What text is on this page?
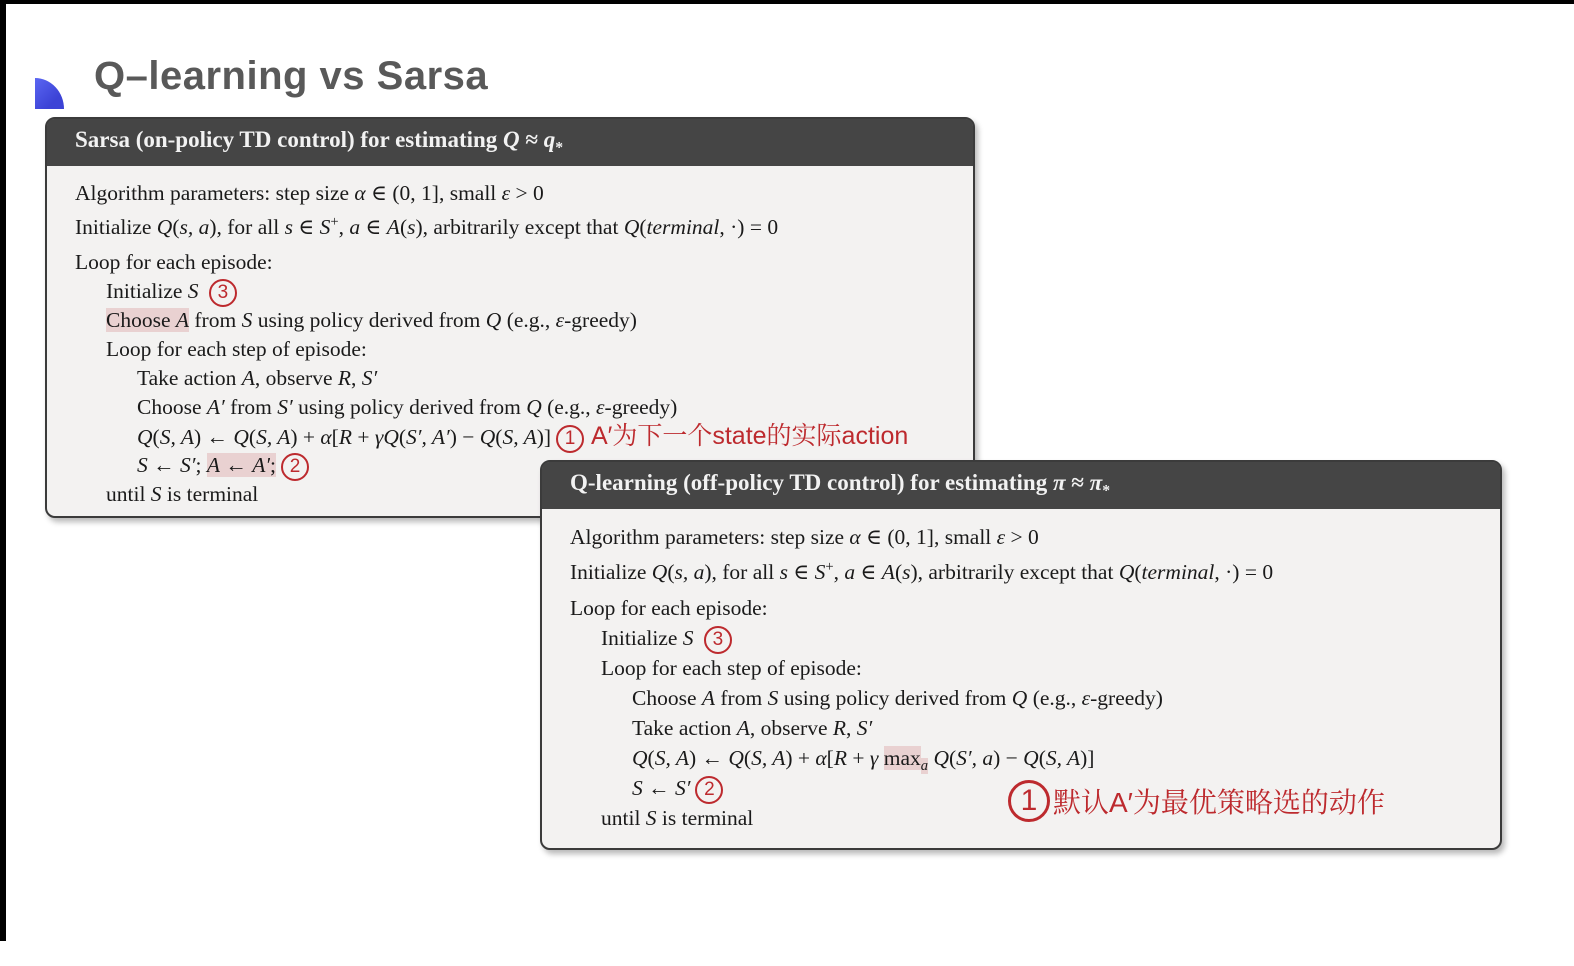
Q–learning vs Sarsa
Sarsa (on-policy TD control) for estimating $Q \approx q_*$
Algorithm parameters: step size α ∈ (0, 1], small ε > 0
Initialize Q(s, a), for all s ∈ S+, a ∈ A(s), arbitrarily except that Q(terminal, ·) = 0
Loop for each episode:
Initialize S 3
Choose A from S using policy derived from Q (e.g., ε-greedy)
Loop for each step of episode:
Take action A, observe R, S′
Choose A′ from S′ using policy derived from Q (e.g., ε-greedy)
Q(S, A) ← Q(S, A) + α[R + γQ(S′, A′) − Q(S, A)] 1 A′为下一个state的实际action
S ← S′; A ← A′; 2
until S is terminal	Q-learning (off-policy TD control) for estimating $\pi \approx \pi_*$
Algorithm parameters: step size α ∈ (0, 1], small ε > 0
Initialize Q(s, a), for all s ∈ S+, a ∈ A(s), arbitrarily except that Q(terminal, ·) = 0
Loop for each episode:
Initialize S 3
Loop for each step of episode:
Choose A from S using policy derived from Q (e.g., ε-greedy)
Take action A, observe R, S′
Q(S, A) ← Q(S, A) + α[R + γ $\max_a Q(S'$, a) − Q(S, A)]
S ← S′ 2
until S is terminal
1 默认A′为最优策略选的动作
